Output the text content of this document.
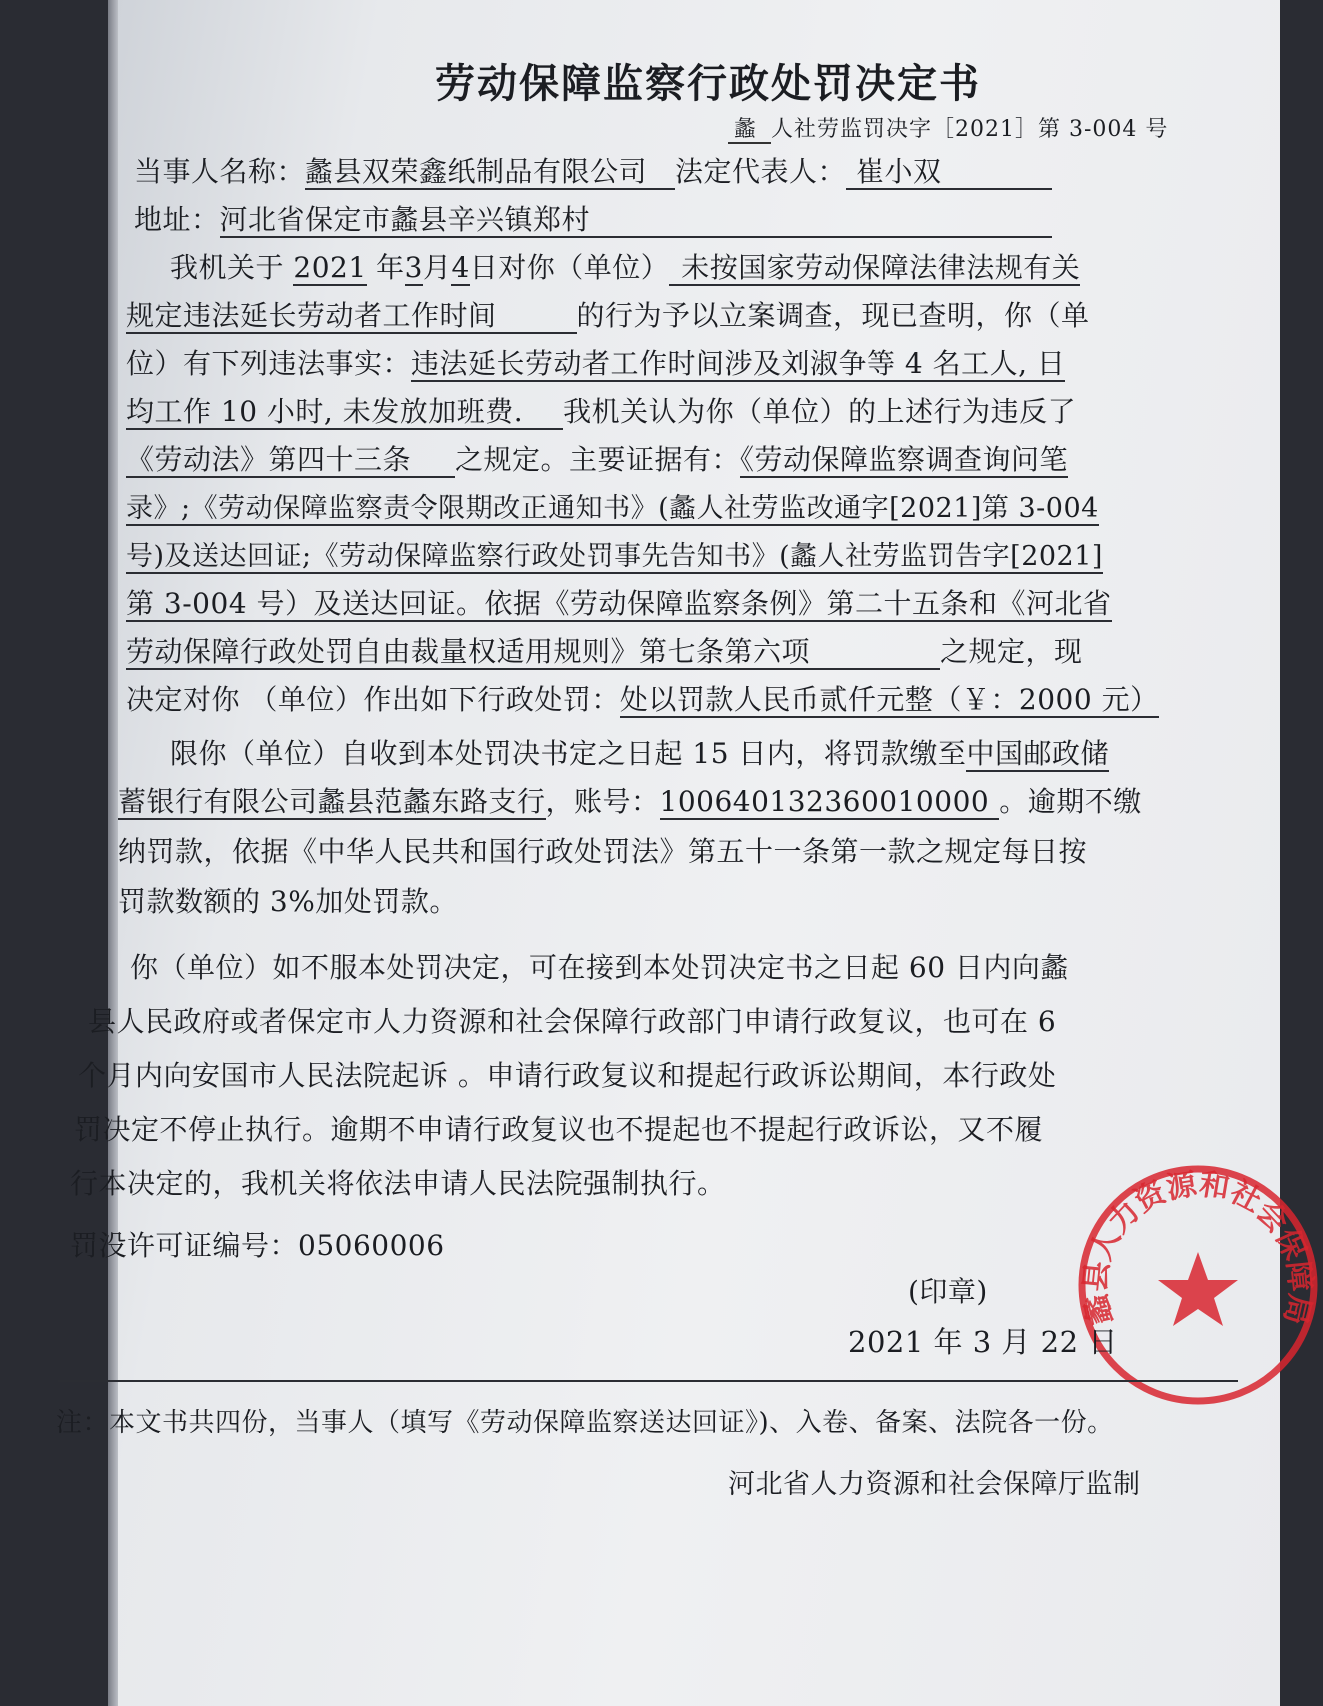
劳动保障监察行政处罚决定书
蠡 人社劳监罚决字［2021］第 3-004 号
当事人名称：蠡县双荣鑫纸制品有限公司 法定代表人： 崔小双
地址：河北省保定市蠡县辛兴镇郑村
我机关于 2021 年3月4日对你（单位） 未按国家劳动保障法律法规有关
规定违法延长劳动者工作时间	的行为予以立案调查，现已查明，你（单
位）有下列违法事实：违法延长劳动者工作时间涉及刘淑争等 4 名工人, 日
均工作 10 小时, 未发放加班费. 我机关认为你（单位）的上述行为违反了
《劳动法》第四十三条 之规定。主要证据有：《劳动保障监察调查询问笔
录》;《劳动保障监察责令限期改正通知书》(蠡人社劳监改通字[2021]第 3-004
号)及送达回证;《劳动保障监察行政处罚事先告知书》(蠡人社劳监罚告字[2021]
第 3-004 号）及送达回证。依据《劳动保障监察条例》第二十五条和《河北省
劳动保障行政处罚自由裁量权适用规则》第七条第六项	之规定，现
决定对你 （单位）作出如下行政处罚：处以罚款人民币贰仟元整（￥：2000 元）
限你（单位）自收到本处罚决书定之日起 15 日内，将罚款缴至中国邮政储
蓄银行有限公司蠡县范蠡东路支行，账号：100640132360010000 。逾期不缴
纳罚款，依据《中华人民共和国行政处罚法》第五十一条第一款之规定每日按
罚款数额的 3%加处罚款。
你（单位）如不服本处罚决定，可在接到本处罚决定书之日起 60 日内向蠡
县人民政府或者保定市人力资源和社会保障行政部门申请行政复议，也可在 6
个月内向安国市人民法院起诉 。申请行政复议和提起行政诉讼期间，本行政处
罚决定不停止执行。逾期不申请行政复议也不提起也不提起行政诉讼，又不履
行本决定的，我机关将依法申请人民法院强制执行。
罚没许可证编号：05060006
蠡县人力资源和社会保障局
(印章)
2021 年 3 月 22 日
注：本文书共四份，当事人（填写《劳动保障监察送达回证》)、入卷、备案、法院各一份。
河北省人力资源和社会保障厅监制
